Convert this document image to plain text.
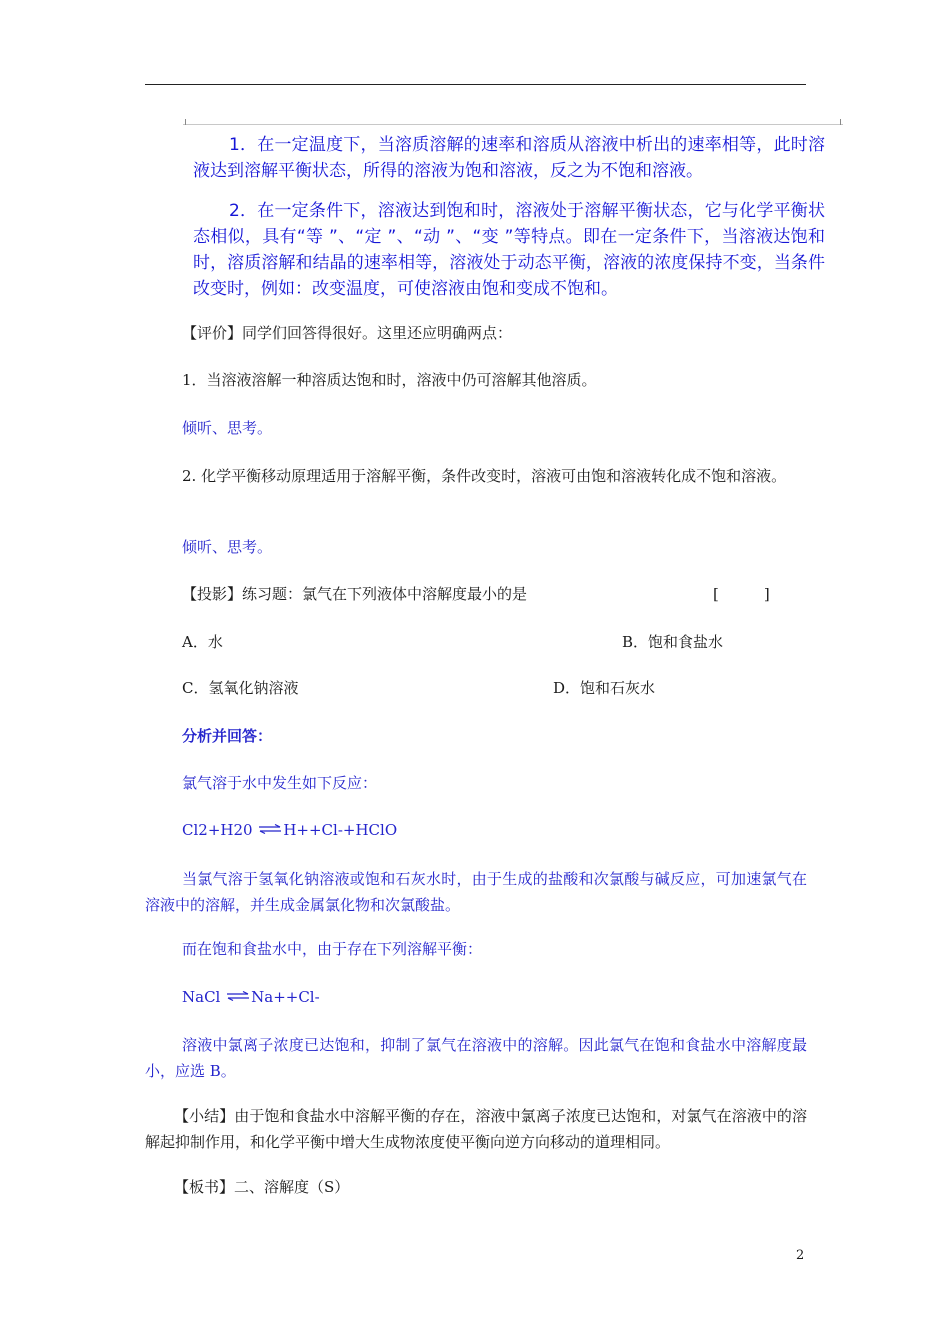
1．在一定温度下，当溶质溶解的速率和溶质从溶液中析出的速率相等，此时溶液达到溶解平衡状态，所得的溶液为饱和溶液，反之为不饱和溶液。

2．在一定条件下，溶液达到饱和时，溶液处于溶解平衡状态，它与化学平衡状态相似，具有“等 ”、“定 ”、“动 ”、“变 ”等特点。即在一定条件下，当溶液达饱和时，溶质溶解和结晶的速率相等，溶液处于动态平衡，溶液的浓度保持不变，当条件改变时，例如：改变温度，可使溶液由饱和变成不饱和。

【评价】同学们回答得很好。这里还应明确两点：

1．当溶液溶解一种溶质达饱和时，溶液中仍可溶解其他溶质。

倾听、思考。

2. 化学平衡移动原理适用于溶解平衡，条件改变时，溶液可由饱和溶液转化成不饱和溶液。

倾听、思考。

【投影】练习题：氯气在下列液体中溶解度最小的是	[　　　]

A．水	B．饱和食盐水

C．氢氧化钠溶液	D．饱和石灰水

分析并回答：

氯气溶于水中发生如下反应：

Cl2+H20 ⇌H++Cl-+HClO

当氯气溶于氢氧化钠溶液或饱和石灰水时，由于生成的盐酸和次氯酸与碱反应，可加速氯气在溶液中的溶解，并生成金属氯化物和次氯酸盐。

而在饱和食盐水中，由于存在下列溶解平衡：

NaCl ⇌Na++Cl-

溶液中氯离子浓度已达饱和，抑制了氯气在溶液中的溶解。因此氯气在饱和食盐水中溶解度最小，应选 B。

【小结】由于饱和食盐水中溶解平衡的存在，溶液中氯离子浓度已达饱和，对氯气在溶液中的溶解起抑制作用，和化学平衡中增大生成物浓度使平衡向逆方向移动的道理相同。

【板书】二、溶解度（S）

2
